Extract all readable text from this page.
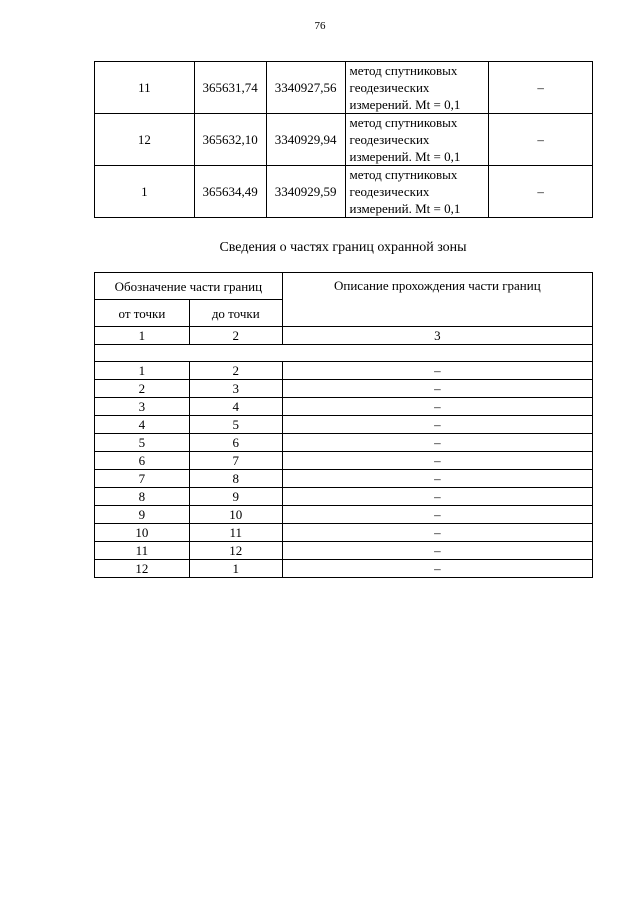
76
11	365631,74	3340927,56	метод спутниковых
геодезических
измерений. Mt = 0,1	–
12	365632,10	3340929,94	метод спутниковых
геодезических
измерений. Mt = 0,1	–
1	365634,49	3340929,59	метод спутниковых
геодезических
измерений. Mt = 0,1	–
Сведения о частях границ охранной зоны
Обозначение части границ		Описание прохождения части границ
от точки	до точки	
1	2	3

1	2	–
2	3	–
3	4	–
4	5	–
5	6	–
6	7	–
7	8	–
8	9	–
9	10	–
10	11	–
11	12	–
12	1	–
